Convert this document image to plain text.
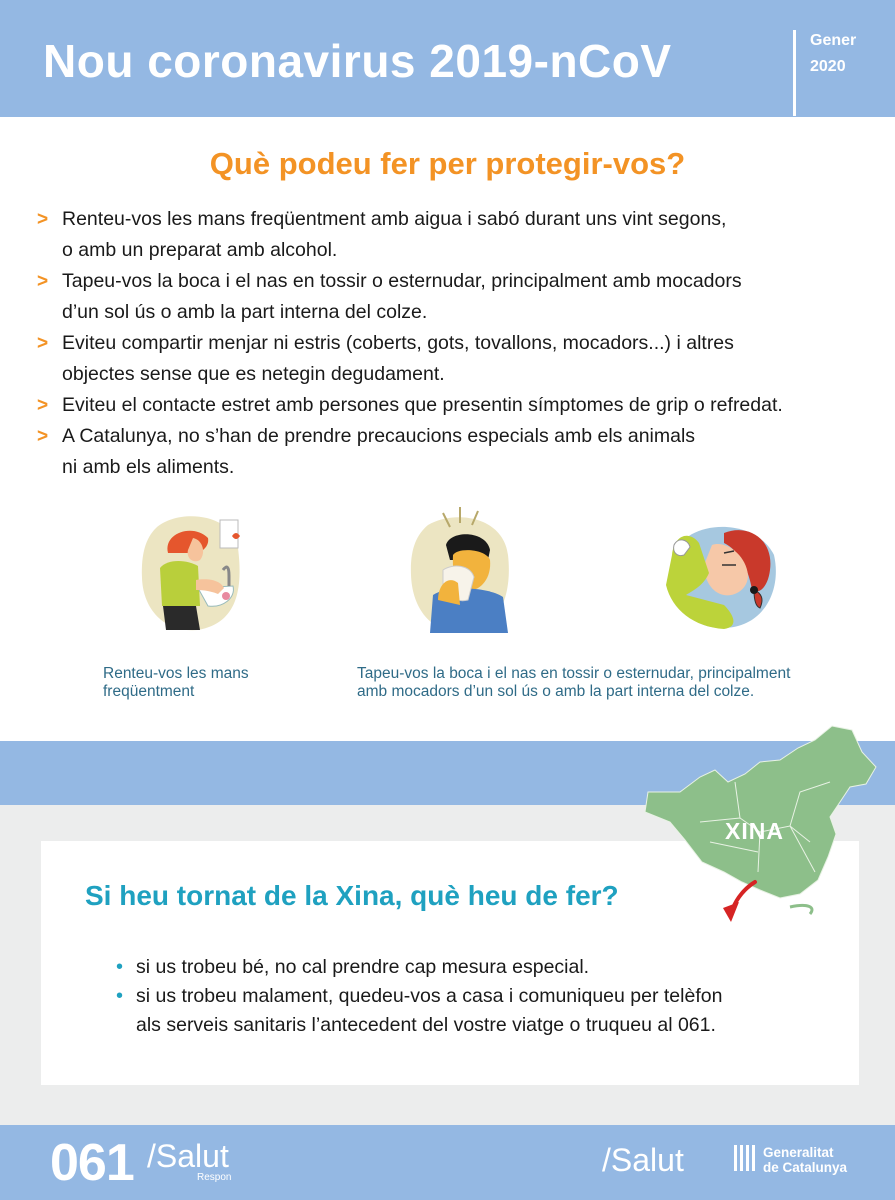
Nou coronavirus 2019-nCoV	Gener
2020
Què podeu fer per protegir-vos?
> Renteu-vos les mans freqüentment amb aigua i sabó durant uns vint segons,
o amb un preparat amb alcohol.
> Tapeu-vos la boca i el nas en tossir o esternudar, principalment amb mocadors
d’un sol ús o amb la part interna del colze.
> Eviteu compartir menjar ni estris (coberts, gots, tovallons, mocadors...) i altres
objectes sense que es netegin degudament.
> Eviteu el contacte estret amb persones que presentin símptomes de grip o refredat.
> A Catalunya, no s’han de prendre precaucions especials amb els animals
ni amb els aliments.
Renteu-vos les mans
freqüentment
Tapeu-vos la boca i el nas en tossir o esternudar, principalment
amb mocadors d’un sol ús o amb la part interna del colze.
XINA
Si heu tornat de la Xina, què heu de fer?
• si us trobeu bé, no cal prendre cap mesura especial.
• si us trobeu malament, quedeu-vos a casa i comuniqueu per telèfon
als serveis sanitaris l’antecedent del vostre viatge o truqueu al 061.
061 /Salut
Respon	/Salut	Generalitat
de Catalunya
